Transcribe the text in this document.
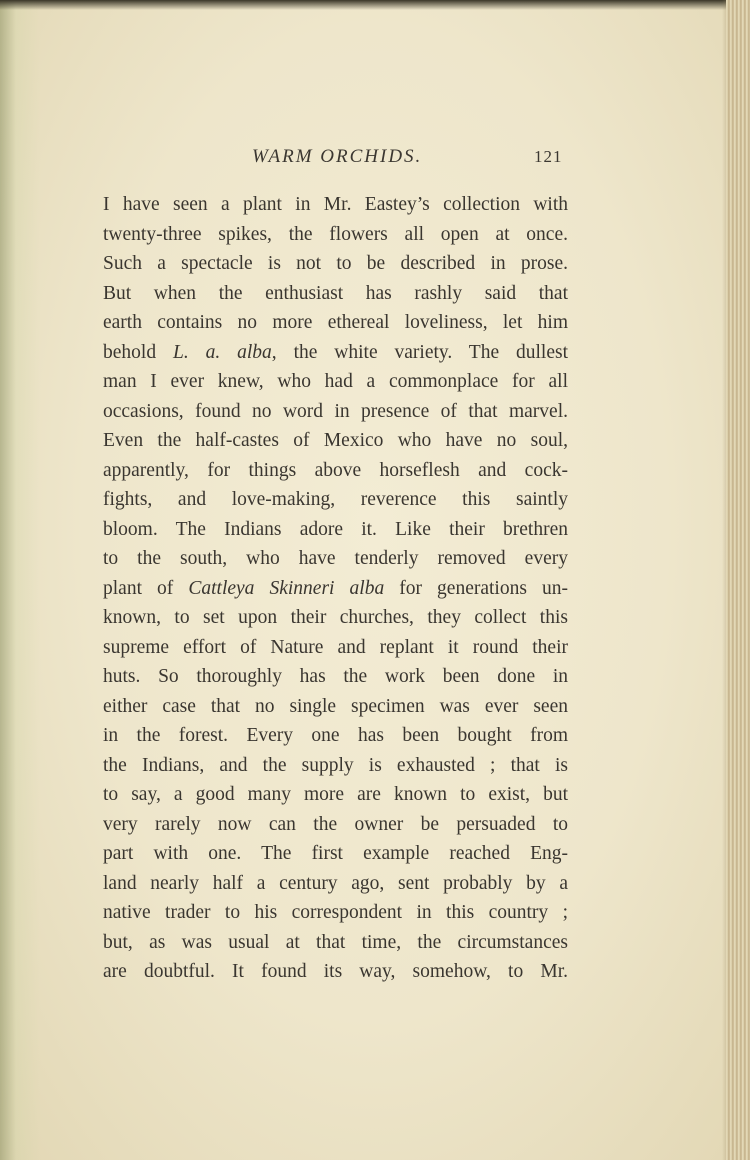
WARM ORCHIDS.	121
I have seen a plant in Mr. Eastey’s collection with
twenty-three spikes, the flowers all open at once.
Such a spectacle is not to be described in prose.
But when the enthusiast has rashly said that
earth contains no more ethereal loveliness, let him
behold L. a. alba, the white variety. The dullest
man I ever knew, who had a commonplace for all
occasions, found no word in presence of that marvel.
Even the half-castes of Mexico who have no soul,
apparently, for things above horseflesh and cock-
fights, and love-making, reverence this saintly
bloom. The Indians adore it. Like their brethren
to the south, who have tenderly removed every
plant of Cattleya Skinneri alba for generations un-
known, to set upon their churches, they collect this
supreme effort of Nature and replant it round their
huts. So thoroughly has the work been done in
either case that no single specimen was ever seen
in the forest. Every one has been bought from
the Indians, and the supply is exhausted ; that is
to say, a good many more are known to exist, but
very rarely now can the owner be persuaded to
part with one. The first example reached Eng-
land nearly half a century ago, sent probably by a
native trader to his correspondent in this country ;
but, as was usual at that time, the circumstances
are doubtful. It found its way, somehow, to Mr.
